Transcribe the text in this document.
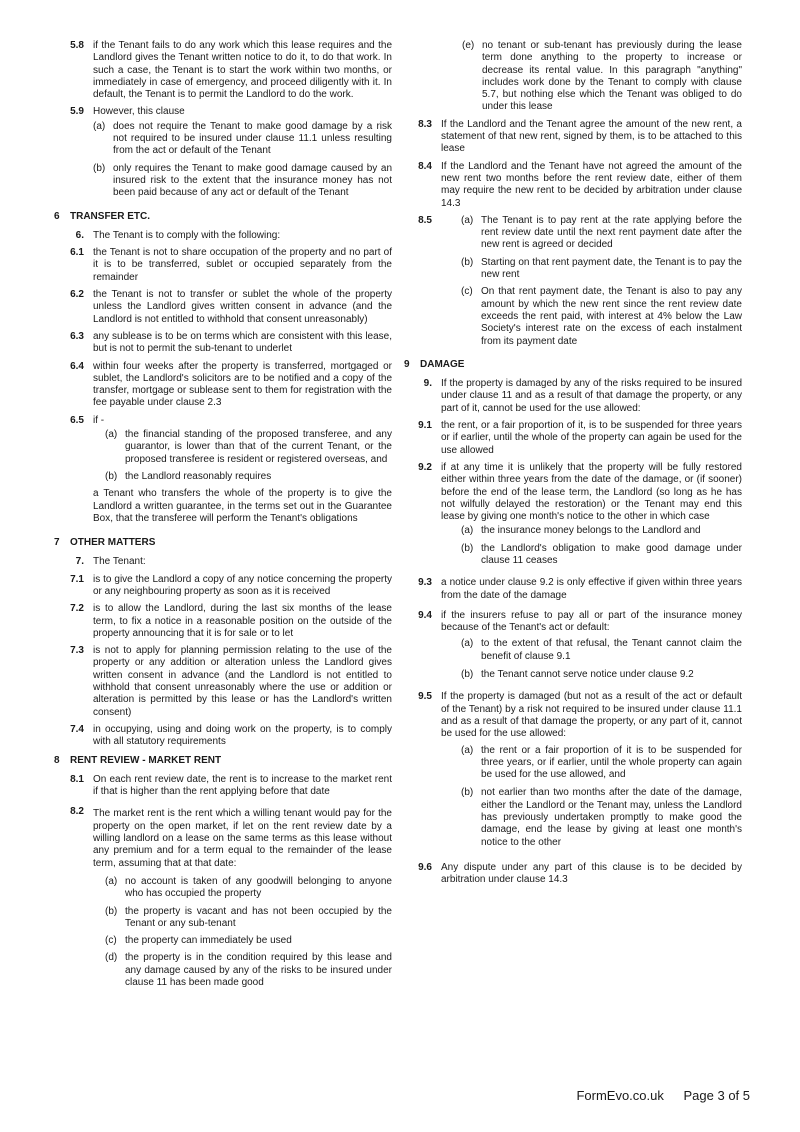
5.8 if the Tenant fails to do any work which this lease requires and the Landlord gives the Tenant written notice to do it, to do that work. In such a case, the Tenant is to start the work within two months, or immediately in case of emergency, and proceed diligently with it. In default, the Tenant is to permit the Landlord to do the work.
5.9 However, this clause
(a) does not require the Tenant to make good damage by a risk not required to be insured under clause 11.1 unless resulting from the act or default of the Tenant
(b) only requires the Tenant to make good damage caused by an insured risk to the extent that the insurance money has not been paid because of any act or default of the Tenant
6	TRANSFER ETC.
6. The Tenant is to comply with the following:
6.1 the Tenant is not to share occupation of the property and no part of it is to be transferred, sublet or occupied separately from the remainder
6.2 the Tenant is not to transfer or sublet the whole of the property unless the Landlord gives written consent in advance (and the Landlord is not entitled to withhold that consent unreasonably)
6.3 any sublease is to be on terms which are consistent with this lease, but is not to permit the sub-tenant to underlet
6.4 within four weeks after the property is transferred, mortgaged or sublet, the Landlord's solicitors are to be notified and a copy of the transfer, mortgage or sublease sent to them for registration with the fee payable under clause 2.3
6.5 if -
(a) the financial standing of the proposed transferee, and any guarantor, is lower than that of the current Tenant, or the proposed transferee is resident or registered overseas, and
(b) the Landlord reasonably requires
a Tenant who transfers the whole of the property is to give the Landlord a written guarantee, in the terms set out in the Guarantee Box, that the transferee will perform the Tenant's obligations
7	OTHER MATTERS
7. The Tenant:
7.1 is to give the Landlord a copy of any notice concerning the property or any neighbouring property as soon as it is received
7.2 is to allow the Landlord, during the last six months of the lease term, to fix a notice in a reasonable position on the outside of the property announcing that it is for sale or to let
7.3 is not to apply for planning permission relating to the use of the property or any addition or alteration unless the Landlord gives written consent in advance (and the Landlord is not entitled to withhold that consent unreasonably where the use or addition or alteration is permitted by this lease or has the Landlord's written consent)
7.4 in occupying, using and doing work on the property, is to comply with all statutory requirements
8	RENT REVIEW - MARKET RENT
8.1 On each rent review date, the rent is to increase to the market rent if that is higher than the rent applying before that date
8.2 The market rent is the rent which a willing tenant would pay for the property on the open market, if let on the rent review date by a willing landlord on a lease on the same terms as this lease without any premium and for a term equal to the remainder of the lease term, assuming that at that date:
(a) no account is taken of any goodwill belonging to anyone who has occupied the property
(b) the property is vacant and has not been occupied by the Tenant or any sub-tenant
(c) the property can immediately be used
(d) the property is in the condition required by this lease and any damage caused by any of the risks to be insured under clause 11 has been made good
(e) no tenant or sub-tenant has previously during the lease term done anything to the property to increase or decrease its rental value. In this paragraph "anything" includes work done by the Tenant to comply with clause 5.7, but nothing else which the Tenant was obliged to do under this lease
8.3 If the Landlord and the Tenant agree the amount of the new rent, a statement of that new rent, signed by them, is to be attached to this lease
8.4 If the Landlord and the Tenant have not agreed the amount of the new rent two months before the rent review date, either of them may require the new rent to be decided by arbitration under clause 14.3
8.5	(a) The Tenant is to pay rent at the rate applying before the rent review date until the next rent payment date after the new rent is agreed or decided
(b) Starting on that rent payment date, the Tenant is to pay the new rent
(c) On that rent payment date, the Tenant is also to pay any amount by which the new rent since the rent review date exceeds the rent paid, with interest at 4% below the Law Society's interest rate on the excess of each instalment from its payment date
9	DAMAGE
9. If the property is damaged by any of the risks required to be insured under clause 11 and as a result of that damage the property, or any part of it, cannot be used for the use allowed:
9.1 the rent, or a fair proportion of it, is to be suspended for three years or if earlier, until the whole of the property can again be used for the use allowed
9.2 if at any time it is unlikely that the property will be fully restored either within three years from the date of the damage, or (if sooner) before the end of the lease term, the Landlord (so long as he has not wilfully delayed the restoration) or the Tenant may end this lease by giving one month's notice to the other in which case
(a) the insurance money belongs to the Landlord and
(b) the Landlord's obligation to make good damage under clause 11 ceases
9.3 a notice under clause 9.2 is only effective if given within three years from the date of the damage
9.4 if the insurers refuse to pay all or part of the insurance money because of the Tenant's act or default:
(a) to the extent of that refusal, the Tenant cannot claim the benefit of clause 9.1
(b) the Tenant cannot serve notice under clause 9.2
9.5 If the property is damaged (but not as a result of the act or default of the Tenant) by a risk not required to be insured under clause 11.1 and as a result of that damage the property, or any part of it, cannot be used for the use allowed:
(a) the rent or a fair proportion of it is to be suspended for three years, or if earlier, until the whole property can again be used for the use allowed, and
(b) not earlier than two months after the date of the damage, either the Landlord or the Tenant may, unless the Landlord has previously undertaken promptly to make good the damage, end the lease by giving at least one month's notice to the other
9.6 Any dispute under any part of this clause is to be decided by arbitration under clause 14.3
FormEvo.co.uk Page 3 of 5
